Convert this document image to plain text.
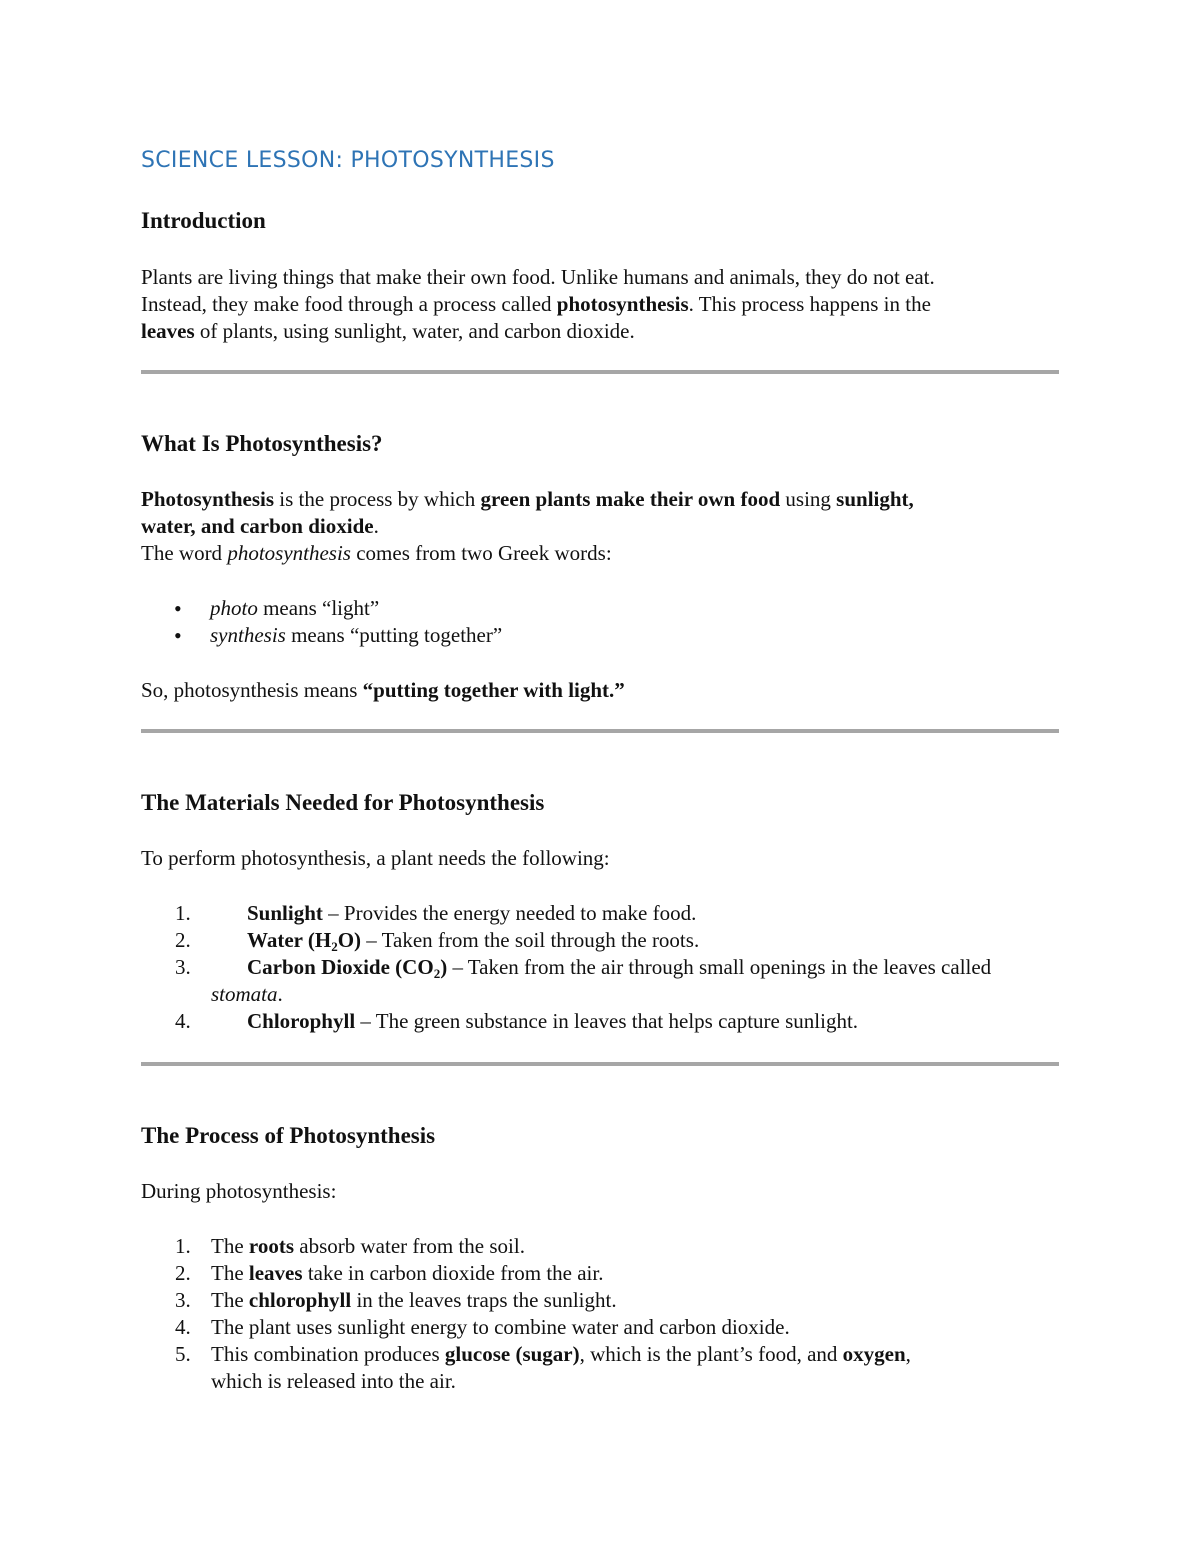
SCIENCE LESSON: PHOTOSYNTHESIS
Introduction

Plants are living things that make their own food. Unlike humans and animals, they do not eat.

Instead, they make food through a process called photosynthesis. This process happens in the

leaves of plants, using sunlight, water, and carbon dioxide.

What Is Photosynthesis?

Photosynthesis is the process by which green plants make their own food using sunlight,

water, and carbon dioxide.

The word photosynthesis comes from two Greek words:

• photo means “light”
• synthesis means “putting together”

So, photosynthesis means “putting together with light.”

The Materials Needed for Photosynthesis

To perform photosynthesis, a plant needs the following:

1.	Sunlight – Provides the energy needed to make food.
2.	Water $(H_2O)$ – Taken from the soil through the roots.
3.	Carbon Dioxide $(CO_2)$ – Taken from the air through small openings in the leaves called stomata.
4.	Chlorophyll – The green substance in leaves that helps capture sunlight.
The Process of Photosynthesis

During photosynthesis:

1. The roots absorb water from the soil.
2. The leaves take in carbon dioxide from the air.
3. The chlorophyll in the leaves traps the sunlight.
4. The plant uses sunlight energy to combine water and carbon dioxide.
5. This combination produces glucose (sugar), which is the plant’s food, and oxygen,
which is released into the air.
